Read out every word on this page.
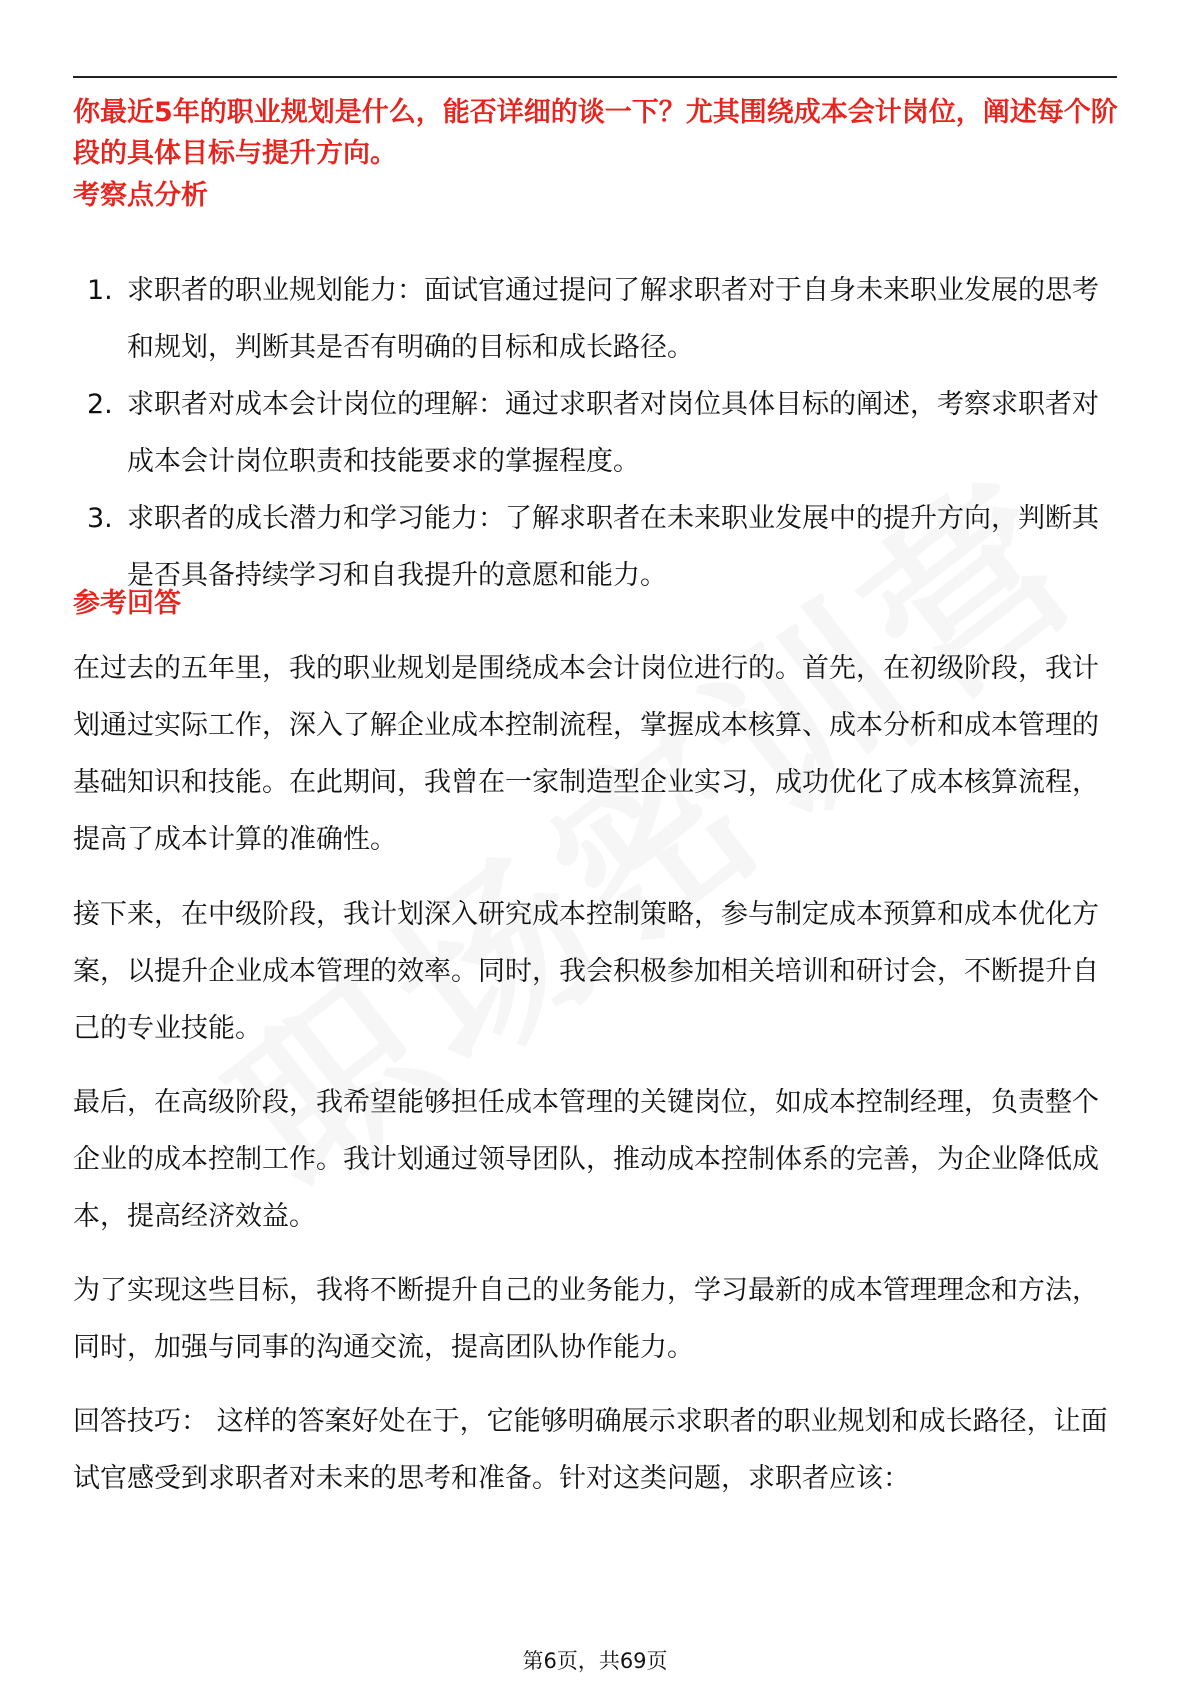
你最近5年的职业规划是什么，能否详细的谈一下？尤其围绕成本会计岗位，阐述每个阶段的具体目标与提升方向。

考察点分析

1. 求职者的职业规划能力：面试官通过提问了解求职者对于自身未来职业发展的思考和规划，判断其是否有明确的目标和成长路径。
2. 求职者对成本会计岗位的理解：通过求职者对岗位具体目标的阐述，考察求职者对成本会计岗位职责和技能要求的掌握程度。
3. 求职者的成长潜力和学习能力：了解求职者在未来职业发展中的提升方向，判断其是否具备持续学习和自我提升的意愿和能力。

参考回答

在过去的五年里，我的职业规划是围绕成本会计岗位进行的。首先，在初级阶段，我计划通过实际工作，深入了解企业成本控制流程，掌握成本核算、成本分析和成本管理的基础知识和技能。在此期间，我曾在一家制造型企业实习，成功优化了成本核算流程，提高了成本计算的准确性。

接下来，在中级阶段，我计划深入研究成本控制策略，参与制定成本预算和成本优化方案，以提升企业成本管理的效率。同时，我会积极参加相关培训和研讨会，不断提升自己的专业技能。

最后，在高级阶段，我希望能够担任成本管理的关键岗位，如成本控制经理，负责整个企业的成本控制工作。我计划通过领导团队，推动成本控制体系的完善，为企业降低成本，提高经济效益。

为了实现这些目标，我将不断提升自己的业务能力，学习最新的成本管理理念和方法，同时，加强与同事的沟通交流，提高团队协作能力。

回答技巧： 这样的答案好处在于，它能够明确展示求职者的职业规划和成长路径，让面试官感受到求职者对未来的思考和准备。针对这类问题，求职者应该：

第6页，共69页
